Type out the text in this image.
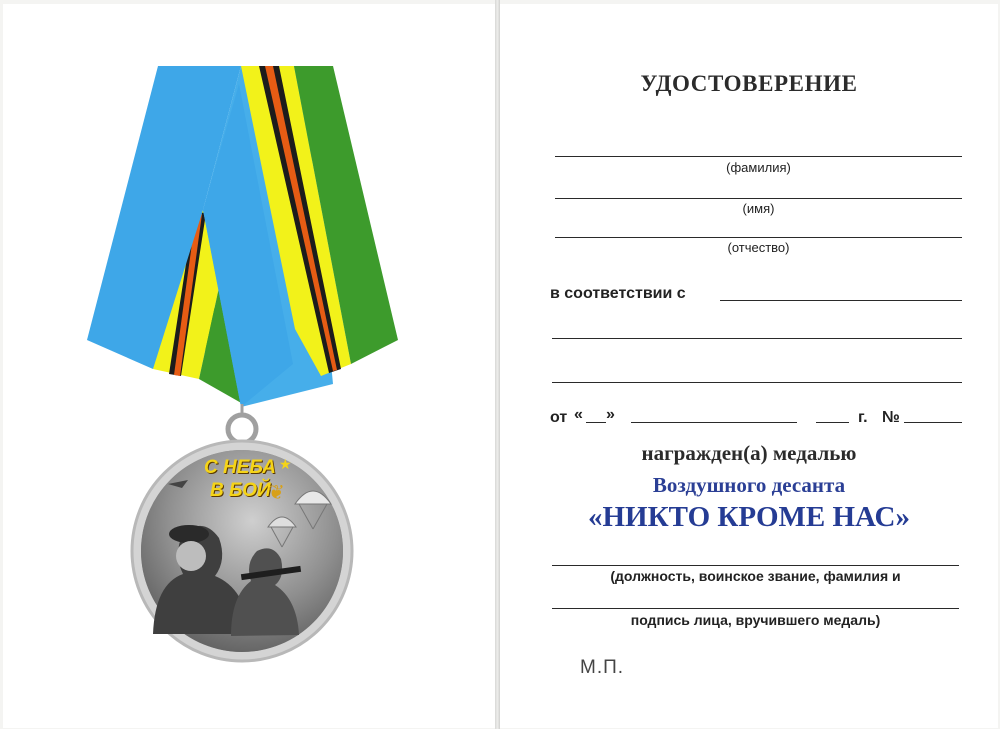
С НЕБА
В БОЙ
★
❦
УДОСТОВЕРЕНИЕ
(фамилия)
(имя)
(отчество)
в соответствии с
от « »	г. №
награжден(а) медалью
Воздушного десанта
«НИКТО КРОМЕ НАС»
(должность, воинское звание, фамилия и
подпись лица, вручившего медаль)
М.П.
